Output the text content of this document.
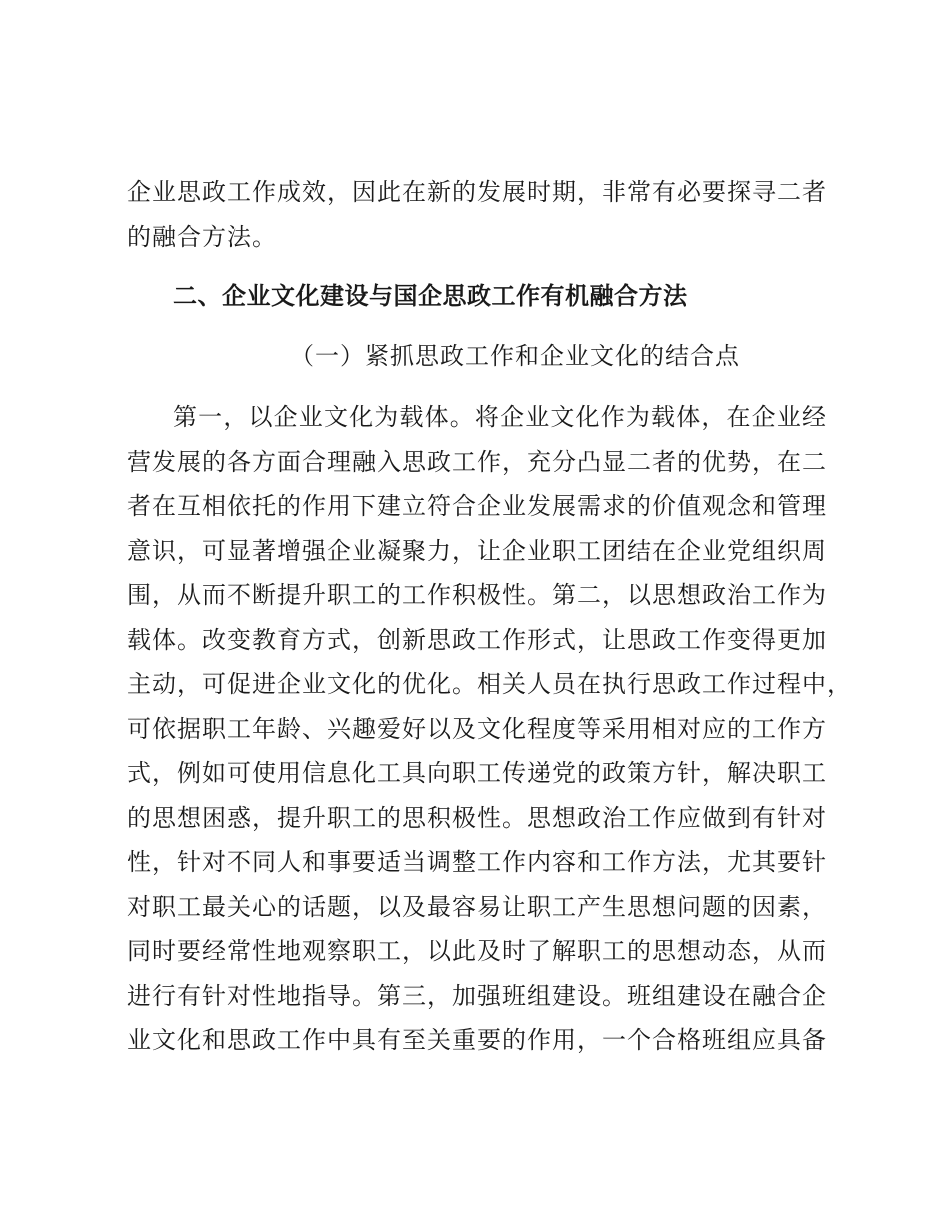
企业思政工作成效，因此在新的发展时期，非常有必要探寻二者
的融合方法。
二、企业文化建设与国企思政工作有机融合方法
（一）紧抓思政工作和企业文化的结合点
第一，以企业文化为载体。将企业文化作为载体，在企业经
营发展的各方面合理融入思政工作，充分凸显二者的优势，在二
者在互相依托的作用下建立符合企业发展需求的价值观念和管理
意识，可显著增强企业凝聚力，让企业职工团结在企业党组织周
围，从而不断提升职工的工作积极性。第二，以思想政治工作为
载体。改变教育方式，创新思政工作形式，让思政工作变得更加
主动，可促进企业文化的优化。相关人员在执行思政工作过程中，
可依据职工年龄、兴趣爱好以及文化程度等采用相对应的工作方
式，例如可使用信息化工具向职工传递党的政策方针，解决职工
的思想困惑，提升职工的思积极性。思想政治工作应做到有针对
性，针对不同人和事要适当调整工作内容和工作方法，尤其要针
对职工最关心的话题，以及最容易让职工产生思想问题的因素，
同时要经常性地观察职工，以此及时了解职工的思想动态，从而
进行有针对性地指导。第三，加强班组建设。班组建设在融合企
业文化和思政工作中具有至关重要的作用，一个合格班组应具备
